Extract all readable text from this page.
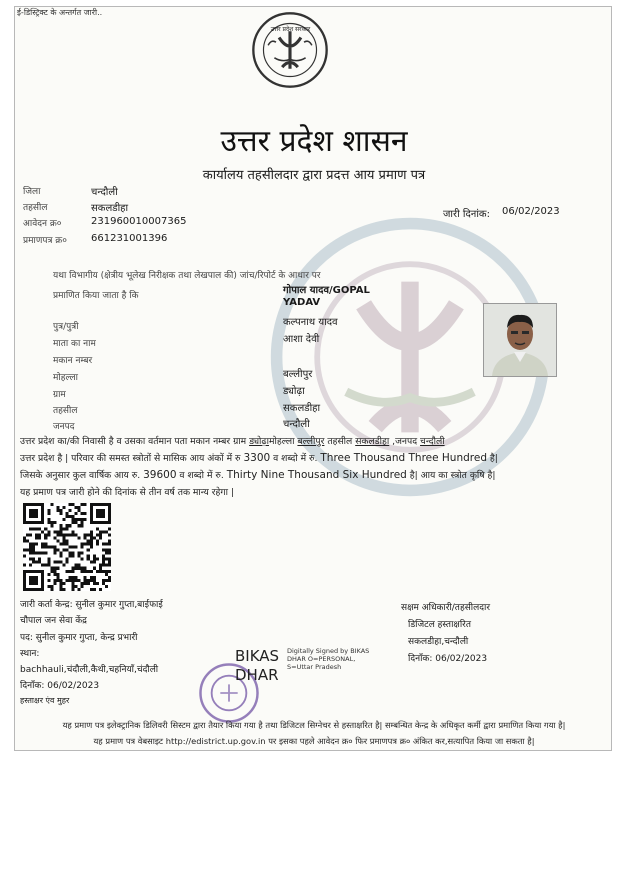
ई-डिस्ट्रिक्ट के अन्तर्गत जारी..
उत्तर प्रदेश सरकार
उत्तर प्रदेश शासन
कार्यालय तहसीलदार द्वारा प्रदत्त आय प्रमाण पत्र
जिला	चन्दौली
तहसील	सकलडीहा
आवेदन क्र०	231960010007365
प्रमाणपत्र क्र० 661231001396
जारी दिनांक: 06/02/2023
यथा विभागीय (क्षेत्रीय भूलेख निरीक्षक तथा लेखपाल की) जांच/रिपोर्ट के आधार पर
प्रमाणित किया जाता है कि	गोपाल यादव/GOPAL
YADAV
पुत्र/पुत्री	कल्पनाथ यादव
माता का नाम	आशा देवी
मकान नम्बर
मोहल्ला	बल्लीपुर
ग्राम	ड्योढ़ा
तहसील	सकलडीहा
जनपद	चन्दौली
उत्तर प्रदेश का/की निवासी है व उसका वर्तमान पता मकान नम्बर ग्राम ड्योढ़ामोहल्ला बल्लीपुर तहसील सकलडीहा ,जनपद चन्दौली
उत्तर प्रदेश है | परिवार की समस्त स्त्रोतों से मासिक आय अंकों में रु 3300 व शब्दो में रु. Three Thousand Three Hundred है|
जिसके अनुसार कुल वार्षिक आय रु. 39600 व शब्दो में रु. Thirty Nine Thousand Six Hundred है| आय का स्त्रोत कृषि है|
यह प्रमाण पत्र जारी होने की दिनांक से तीन वर्ष तक मान्य रहेगा |
जारी कर्ता केन्द्र: सुनील कुमार गुप्ता,बाईफाई
चौपाल जन सेवा केंद्र
पद: सुनील कुमार गुप्ता, केन्द्र प्रभारी
स्थान:
bachhauli,चंदौली,कैथी,चहनियाँ,चंदौली
दिनाँक: 06/02/2023
हस्ताक्षर एंव मुहर
BIKAS
DHAR
Digitally Signed by BIKAS
DHAR O=PERSONAL,
S=Uttar Pradesh
सक्षम अधिकारी/तहसीलदार
डिजिटल हस्ताक्षरित
सकलडीहा,चन्दौली
दिनाँक: 06/02/2023
यह प्रमाण पत्र इलेक्ट्रानिक डिलिवरी सिस्टम द्वारा तैयार किया गया है तथा डिजिटल सिग्नेचर से हस्ताक्षरित है| सम्बन्धित केन्द्र के अधिकृत कर्मी द्वारा प्रमाणित किया गया है|
यह प्रमाण पत्र वेबसाइट http://edistrict.up.gov.in पर इसका पहले आवेदन क्र० फिर प्रमाणपत्र क्र० अंकित कर,सत्यापित किया जा सकता है|
